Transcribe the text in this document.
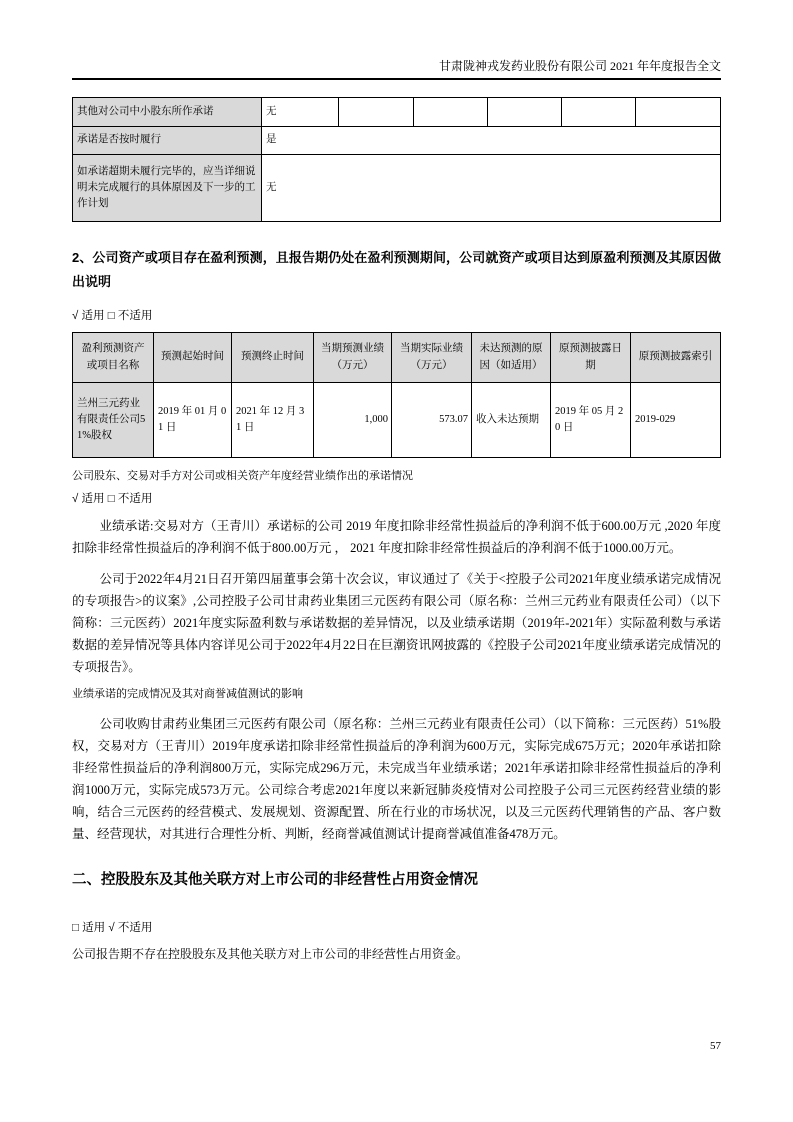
甘肃陇神戎发药业股份有限公司 2021 年年度报告全文
其他对公司中小股东所作承诺	无					
承诺是否按时履行	是					
如承诺超期未履行完毕的，应当详细说明未完成履行的具体原因及下一步的工作计划	无					
2、公司资产或项目存在盈利预测，且报告期仍处在盈利预测期间，公司就资产或项目达到原盈利预测及其原因做出说明
√ 适用 □ 不适用
盈利预测资产或项目名称	预测起始时间	预测终止时间	当期预测业绩（万元）	当期实际业绩（万元）	未达预测的原因（如适用）	原预测披露日期	原预测披露索引
兰州三元药业有限责任公司51%股权	2019 年 01 月 01 日	2021 年 12 月 31 日	1,000	573.07	收入未达预期	2019 年 05 月 20 日	2019-029
公司股东、交易对手方对公司或相关资产年度经营业绩作出的承诺情况
√ 适用 □ 不适用
业绩承诺:交易对方（王青川）承诺标的公司 2019 年度扣除非经常性损益后的净利润不低于600.00万元 ,2020 年度扣除非经常性损益后的净利润不低于800.00万元 ， 2021 年度扣除非经常性损益后的净利润不低于1000.00万元。
公司于2022年4月21日召开第四届董事会第十次会议，审议通过了《关于<控股子公司2021年度业绩承诺完成情况的专项报告>的议案》,公司控股子公司甘肃药业集团三元医药有限公司（原名称：兰州三元药业有限责任公司）（以下简称：三元医药）2021年度实际盈利数与承诺数据的差异情况，以及业绩承诺期（2019年-2021年）实际盈利数与承诺数据的差异情况等具体内容详见公司于2022年4月22日在巨潮资讯网披露的《控股子公司2021年度业绩承诺完成情况的专项报告》。
业绩承诺的完成情况及其对商誉减值测试的影响
公司收购甘肃药业集团三元医药有限公司（原名称：兰州三元药业有限责任公司）（以下简称：三元医药）51%股权，交易对方（王青川）2019年度承诺扣除非经常性损益后的净利润为600万元，实际完成675万元；2020年承诺扣除非经常性损益后的净利润800万元，实际完成296万元，未完成当年业绩承诺；2021年承诺扣除非经常性损益后的净利润1000万元，实际完成573万元。公司综合考虑2021年度以来新冠肺炎疫情对公司控股子公司三元医药经营业绩的影响，结合三元医药的经营模式、发展规划、资源配置、所在行业的市场状况，以及三元医药代理销售的产品、客户数量、经营现状，对其进行合理性分析、判断，经商誉减值测试计提商誉减值准备478万元。
二、控股股东及其他关联方对上市公司的非经营性占用资金情况
□ 适用 √ 不适用
公司报告期不存在控股股东及其他关联方对上市公司的非经营性占用资金。
57
